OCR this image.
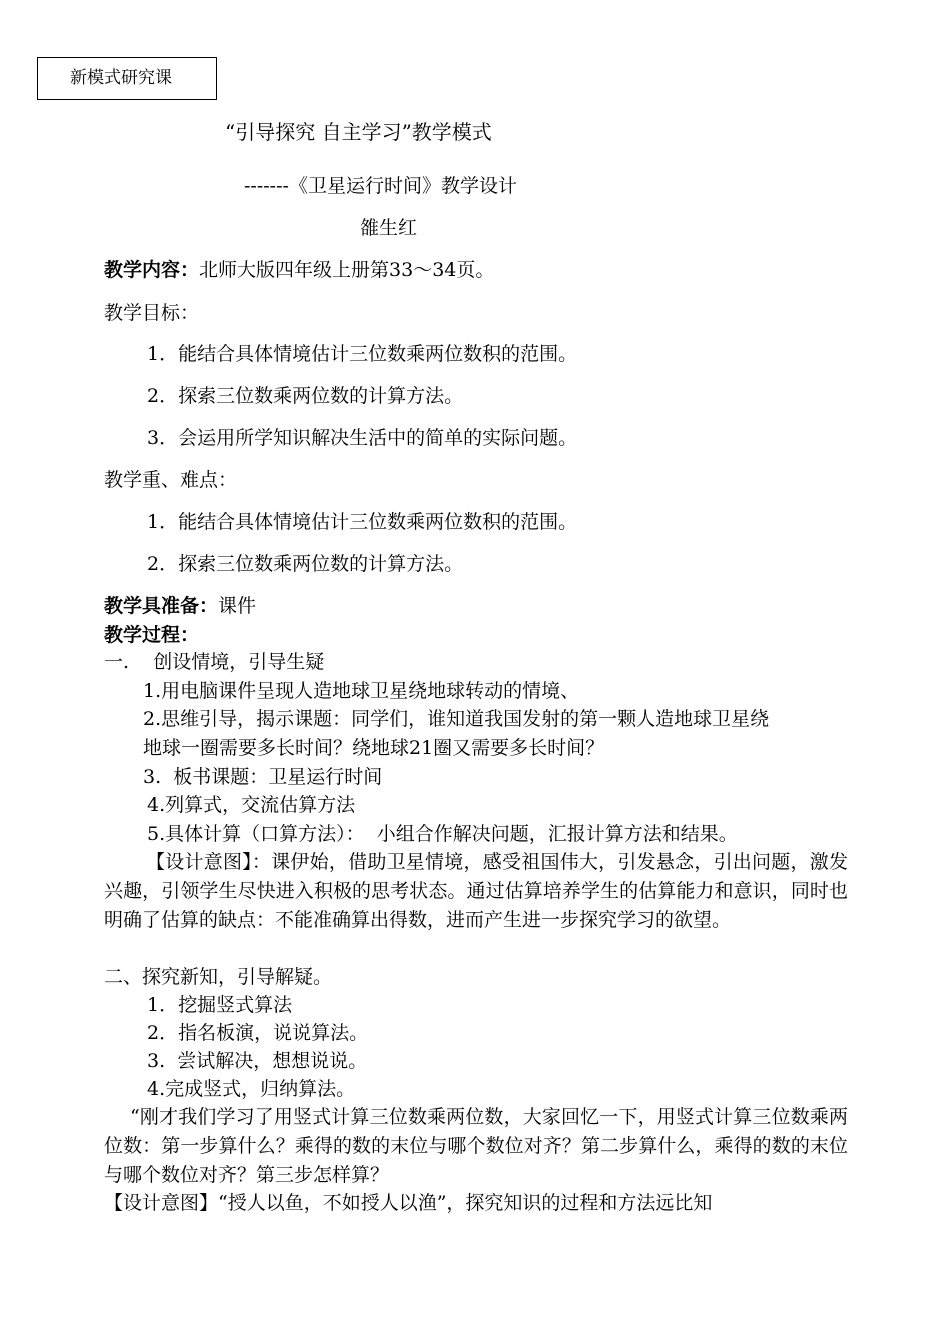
新模式研究课
“引导探究 自主学习”教学模式
-------《卫星运行时间》教学设计
雒生红
教学内容：北师大版四年级上册第33～34页。
教学目标：
1．能结合具体情境估计三位数乘两位数积的范围。
2．探索三位数乘两位数的计算方法。
3．会运用所学知识解决生活中的简单的实际问题。
教学重、难点：
1．能结合具体情境估计三位数乘两位数积的范围。
2．探索三位数乘两位数的计算方法。
教学具准备：课件
教学过程：
一.    创设情境，引导生疑
1.用电脑课件呈现人造地球卫星绕地球转动的情境、
2.思维引导，揭示课题：同学们，谁知道我国发射的第一颗人造地球卫星绕
地球一圈需要多长时间？绕地球21圈又需要多长时间？
3.  板书课题：卫星运行时间
4.列算式，交流估算方法
5.具体计算（口算方法）：  小组合作解决问题，汇报计算方法和结果。
【设计意图】：课伊始，借助卫星情境，感受祖国伟大，引发悬念，引出问题，激发兴趣，引领学生尽快进入积极的思考状态。通过估算培养学生的估算能力和意识，同时也明确了估算的缺点：不能准确算出得数，进而产生进一步探究学习的欲望。
二、探究新知，引导解疑。
1．挖掘竖式算法
2．指名板演，说说算法。
3.  尝试解决，想想说说。
4.完成竖式，归纳算法。
“刚才我们学习了用竖式计算三位数乘两位数，大家回忆一下，用竖式计算三位数乘两位数：第一步算什么？乘得的数的末位与哪个数位对齐？第二步算什么，乘得的数的末位与哪个数位对齐？第三步怎样算？
【设计意图】“授人以鱼，不如授人以渔”，探究知识的过程和方法远比知
